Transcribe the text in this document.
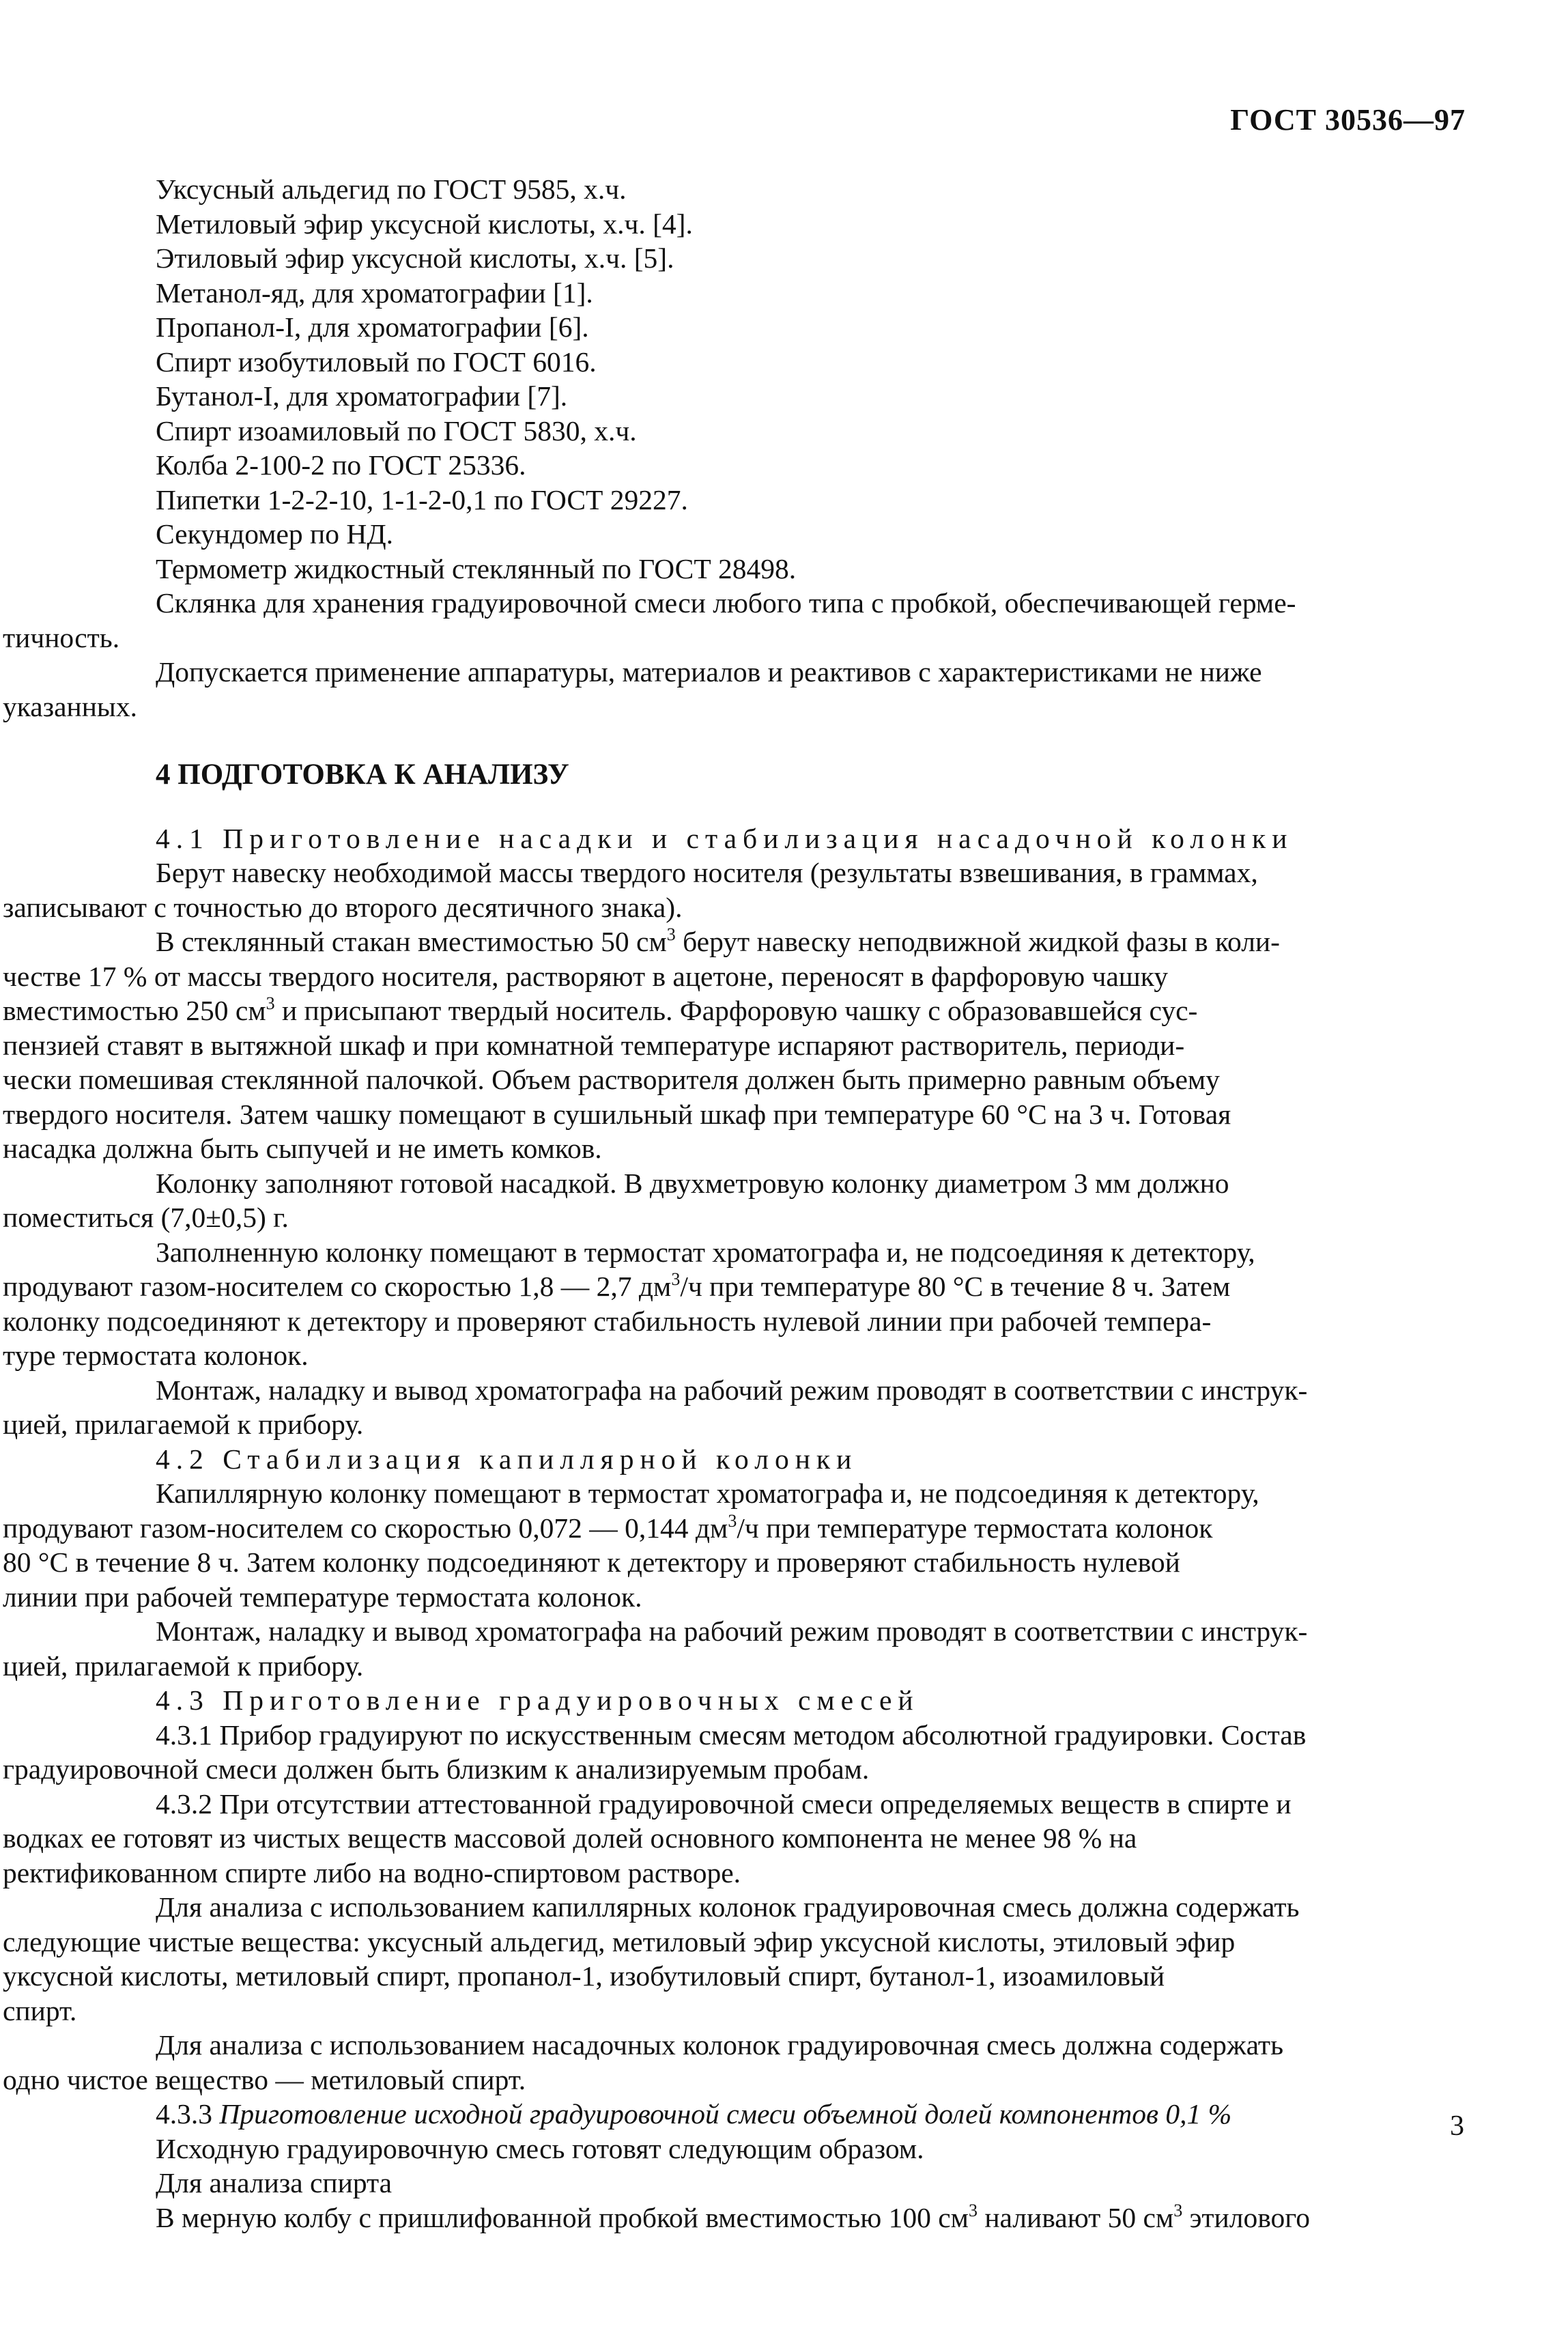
ГОСТ 30536—97

Уксусный альдегид по ГОСТ 9585, х.ч.

Метиловый эфир уксусной кислоты, х.ч. [4].

Этиловый эфир уксусной кислоты, х.ч. [5].

Метанол-яд, для хроматографии [1].

Пропанол-I, для хроматографии [6].

Спирт изобутиловый по ГОСТ 6016.

Бутанол-I, для хроматографии [7].

Спирт изоамиловый по ГОСТ 5830, х.ч.

Колба 2-100-2 по ГОСТ 25336.

Пипетки 1-2-2-10, 1-1-2-0,1 по ГОСТ 29227.

Секундомер по НД.

Термометр жидкостный стеклянный по ГОСТ 28498.

Склянка для хранения градуировочной смеси любого типа с пробкой, обеспечивающей герме-

тичность.

Допускается применение аппаратуры, материалов и реактивов с характеристиками не ниже

указанных.

4 ПОДГОТОВКА К АНАЛИЗУ

4.1 Приготовление насадки и стабилизация насадочной колонки

Берут навеску необходимой массы твердого носителя (результаты взвешивания, в граммах,

записывают с точностью до второго десятичного знака).

В стеклянный стакан вместимостью 50 $см^3$ берут навеску неподвижной жидкой фазы в коли-

честве 17 % от массы твердого носителя, растворяют в ацетоне, переносят в фарфоровую чашку

вместимостью 250 $см^3$ и присыпают твердый носитель. Фарфоровую чашку с образовавшейся сус-

пензией ставят в вытяжной шкаф и при комнатной температуре испаряют растворитель, периоди-

чески помешивая стеклянной палочкой. Объем растворителя должен быть примерно равным объему

твердого носителя. Затем чашку помещают в сушильный шкаф при температуре 60 °С на 3 ч. Готовая

насадка должна быть сыпучей и не иметь комков.

Колонку заполняют готовой насадкой. В двухметровую колонку диаметром 3 мм должно

поместиться (7,0±0,5) г.

Заполненную колонку помещают в термостат хроматографа и, не подсоединяя к детектору,

продувают газом-носителем со скоростью 1,8 — 2,7 $дм^3/ч$ при температуре 80 °С в течение 8 ч. Затем

колонку подсоединяют к детектору и проверяют стабильность нулевой линии при рабочей темпера-

туре термостата колонок.

Монтаж, наладку и вывод хроматографа на рабочий режим проводят в соответствии с инструк-

цией, прилагаемой к прибору.

4.2 Стабилизация капиллярной колонки

Капиллярную колонку помещают в термостат хроматографа и, не подсоединяя к детектору,

продувают газом-носителем со скоростью 0,072 — 0,144 $дм^3/ч$ при температуре термостата колонок

80 °С в течение 8 ч. Затем колонку подсоединяют к детектору и проверяют стабильность нулевой

линии при рабочей температуре термостата колонок.

Монтаж, наладку и вывод хроматографа на рабочий режим проводят в соответствии с инструк-

цией, прилагаемой к прибору.

4.3 Приготовление градуировочных смесей

4.3.1 Прибор градуируют по искусственным смесям методом абсолютной градуировки. Состав

градуировочной смеси должен быть близким к анализируемым пробам.

4.3.2 При отсутствии аттестованной градуировочной смеси определяемых веществ в спирте и

водках ее готовят из чистых веществ массовой долей основного компонента не менее 98 % на

ректификованном спирте либо на водно-спиртовом растворе.

Для анализа с использованием капиллярных колонок градуировочная смесь должна содержать

следующие чистые вещества: уксусный альдегид, метиловый эфир уксусной кислоты, этиловый эфир

уксусной кислоты, метиловый спирт, пропанол-1, изобутиловый спирт, бутанол-1, изоамиловый

спирт.

Для анализа с использованием насадочных колонок градуировочная смесь должна содержать

одно чистое вещество — метиловый спирт.

4.3.3 Приготовление исходной градуировочной смеси объемной долей компонентов 0,1 %

Исходную градуировочную смесь готовят следующим образом.

Для анализа спирта

В мерную колбу с пришлифованной пробкой вместимостью 100 $см^3$ наливают 50 $см^3$ этилового

3
